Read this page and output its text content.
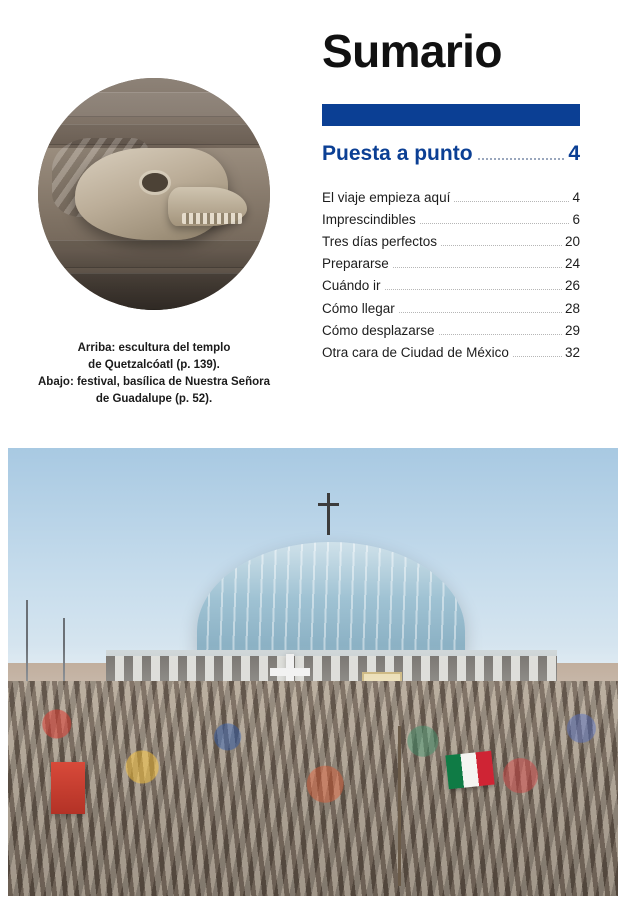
Arriba: escultura del templo
de Quetzalcóatl (p. 139).
Abajo: festival, basílica de Nuestra Señora
de Guadalupe (p. 52).
Sumario
Puesta a punto	4
El viaje empieza aquí	4
Imprescindibles	6
Tres días perfectos	20
Prepararse	24
Cuándo ir	26
Cómo llegar	28
Cómo desplazarse	29
Otra cara de Ciudad de México	32
